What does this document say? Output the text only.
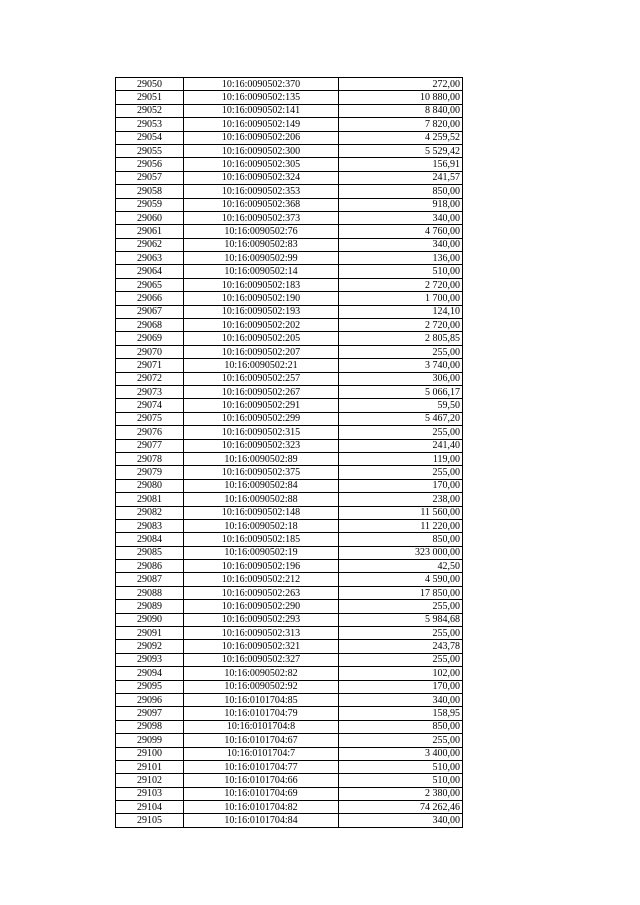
29050	10:16:0090502:370	272,00
29051	10:16:0090502:135	10 880,00
29052	10:16:0090502:141	8 840,00
29053	10:16:0090502:149	7 820,00
29054	10:16:0090502:206	4 259,52
29055	10:16:0090502:300	5 529,42
29056	10:16:0090502:305	156,91
29057	10:16:0090502:324	241,57
29058	10:16:0090502:353	850,00
29059	10:16:0090502:368	918,00
29060	10:16:0090502:373	340,00
29061	10:16:0090502:76	4 760,00
29062	10:16:0090502:83	340,00
29063	10:16:0090502:99	136,00
29064	10:16:0090502:14	510,00
29065	10:16:0090502:183	2 720,00
29066	10:16:0090502:190	1 700,00
29067	10:16:0090502:193	124,10
29068	10:16:0090502:202	2 720,00
29069	10:16:0090502:205	2 805,85
29070	10:16:0090502:207	255,00
29071	10:16:0090502:21	3 740,00
29072	10:16:0090502:257	306,00
29073	10:16:0090502:267	5 066,17
29074	10:16:0090502:291	59,50
29075	10:16:0090502:299	5 467,20
29076	10:16:0090502:315	255,00
29077	10:16:0090502:323	241,40
29078	10:16:0090502:89	119,00
29079	10:16:0090502:375	255,00
29080	10:16:0090502:84	170,00
29081	10:16:0090502:88	238,00
29082	10:16:0090502:148	11 560,00
29083	10:16:0090502:18	11 220,00
29084	10:16:0090502:185	850,00
29085	10:16:0090502:19	323 000,00
29086	10:16:0090502:196	42,50
29087	10:16:0090502:212	4 590,00
29088	10:16:0090502:263	17 850,00
29089	10:16:0090502:290	255,00
29090	10:16:0090502:293	5 984,68
29091	10:16:0090502:313	255,00
29092	10:16:0090502:321	243,78
29093	10:16:0090502:327	255,00
29094	10:16:0090502:82	102,00
29095	10:16:0090502:92	170,00
29096	10:16:0101704:85	340,00
29097	10:16:0101704:79	158,95
29098	10:16:0101704:8	850,00
29099	10:16:0101704:67	255,00
29100	10:16:0101704:7	3 400,00
29101	10:16:0101704:77	510,00
29102	10:16:0101704:66	510,00
29103	10:16:0101704:69	2 380,00
29104	10:16:0101704:82	74 262,46
29105	10:16:0101704:84	340,00
